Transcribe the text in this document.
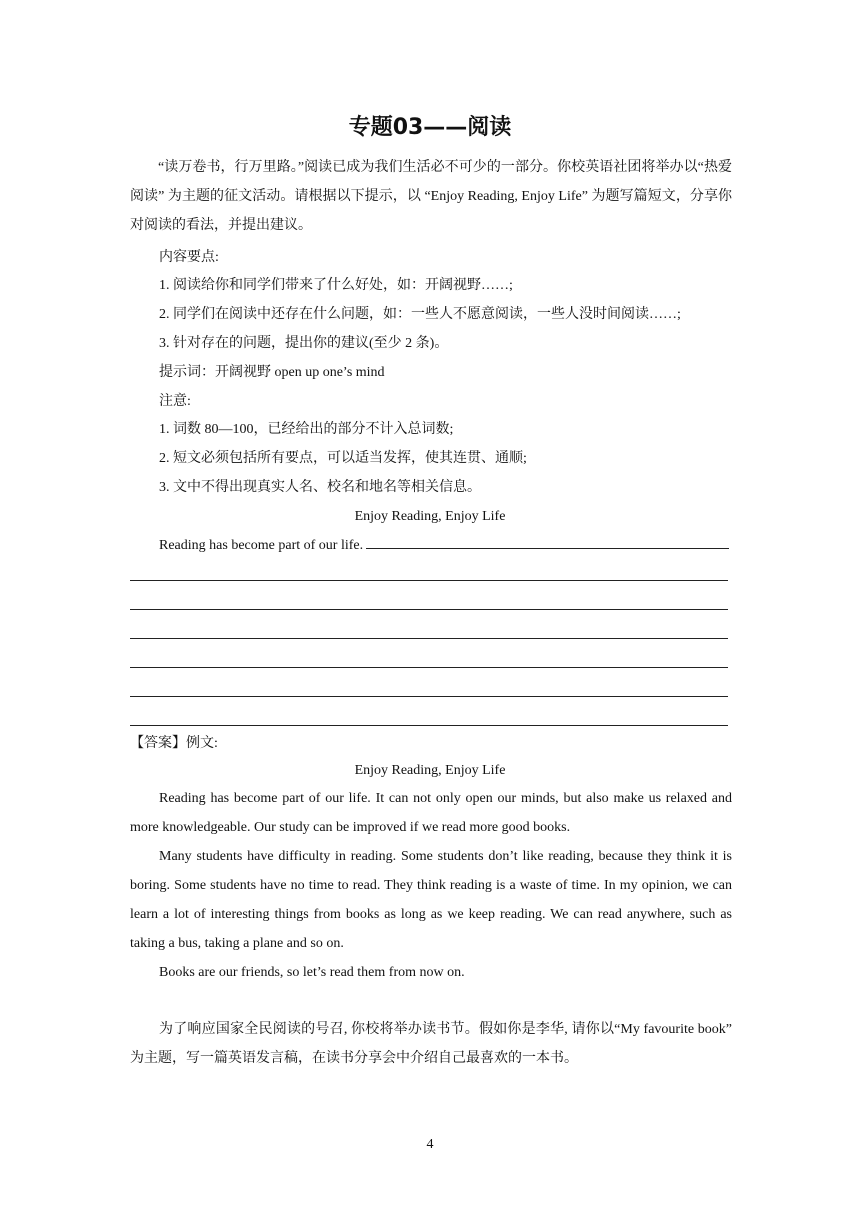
专题03——阅读
“读万卷书，行万里路。”阅读已成为我们生活必不可少的一部分。你校英语社团将举办以“热爱阅读” 为主题的征文活动。请根据以下提示，以 “Enjoy Reading, Enjoy Life” 为题写篇短文，分享你对阅读的看法，并提出建议。
内容要点:
1. 阅读给你和同学们带来了什么好处，如：开阔视野……;
2. 同学们在阅读中还存在什么问题，如：一些人不愿意阅读，一些人没时间阅读……;
3. 针对存在的问题，提出你的建议(至少 2 条)。
提示词：开阔视野 open up one’s mind
注意:
1. 词数 80—100，已经给出的部分不计入总词数;
2. 短文必须包括所有要点，可以适当发挥，使其连贯、通顺;
3. 文中不得出现真实人名、校名和地名等相关信息。
Enjoy Reading, Enjoy Life
Reading has become part of our life.
【答案】例文:
Enjoy Reading, Enjoy Life
Reading has become part of our life. It can not only open our minds, but also make us relaxed and more knowledgeable. Our study can be improved if we read more good books.
Many students have difficulty in reading. Some students don’t like reading, because they think it is boring. Some students have no time to read. They think reading is a waste of time. In my opinion, we can learn a lot of interesting things from books as long as we keep reading. We can read anywhere, such as taking a bus, taking a plane and so on.
Books are our friends, so let’s read them from now on.
为了响应国家全民阅读的号召, 你校将举办读书节。假如你是李华, 请你以“My favourite book” 为主题，写一篇英语发言稿，在读书分享会中介绍自己最喜欢的一本书。
4
